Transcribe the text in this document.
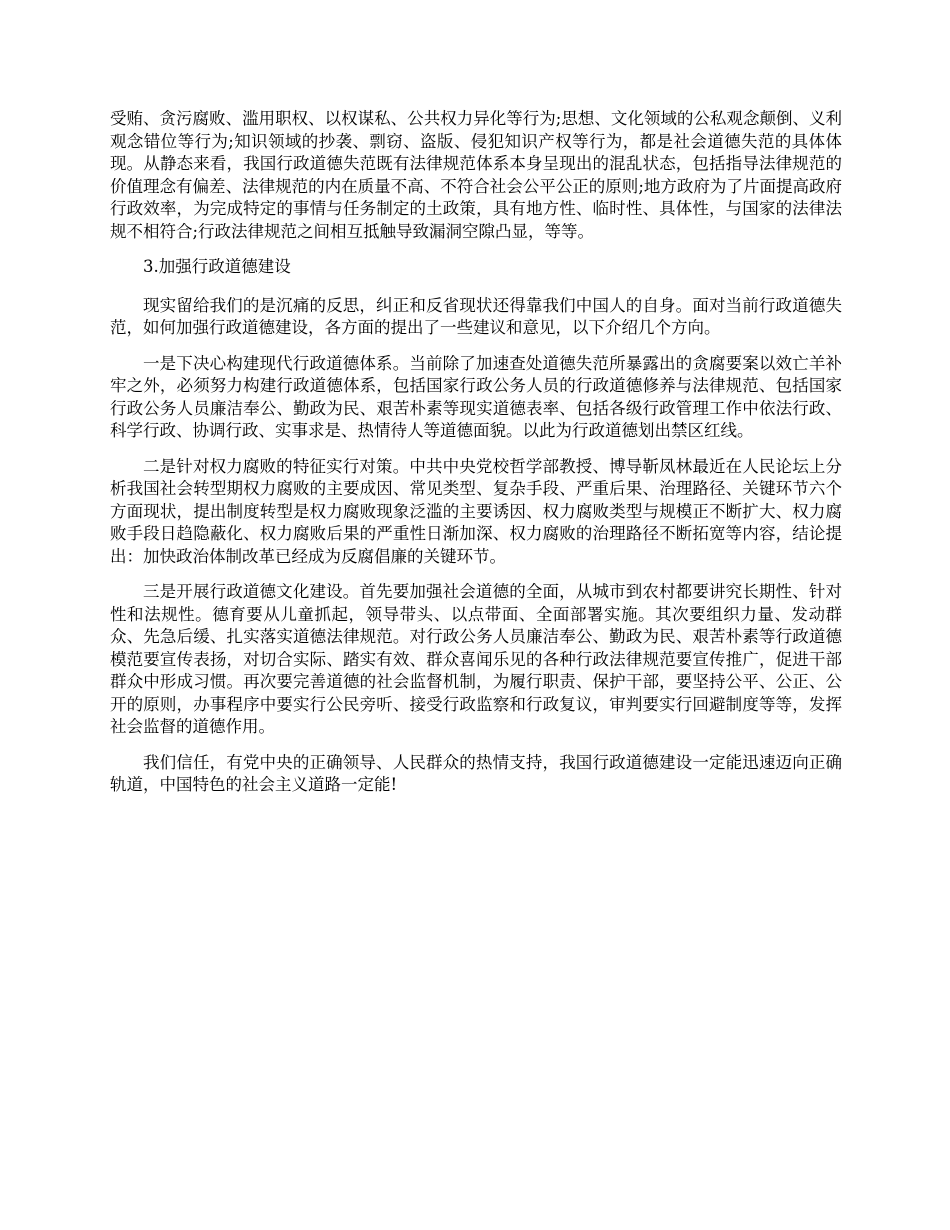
受贿、贪污腐败、滥用职权、以权谋私、公共权力异化等行为;思想、文化领域的公私观念颠倒、义利观念错位等行为;知识领域的抄袭、剽窃、盗版、侵犯知识产权等行为，都是社会道德失范的具体体现。从静态来看，我国行政道德失范既有法律规范体系本身呈现出的混乱状态，包括指导法律规范的价值理念有偏差、法律规范的内在质量不高、不符合社会公平公正的原则;地方政府为了片面提高政府行政效率，为完成特定的事情与任务制定的土政策，具有地方性、临时性、具体性，与国家的法律法规不相符合;行政法律规范之间相互抵触导致漏洞空隙凸显，等等。

3.加强行政道德建设

现实留给我们的是沉痛的反思，纠正和反省现状还得靠我们中国人的自身。面对当前行政道德失范，如何加强行政道德建设，各方面的提出了一些建议和意见，以下介绍几个方向。

一是下决心构建现代行政道德体系。当前除了加速查处道德失范所暴露出的贪腐要案以效亡羊补牢之外，必须努力构建行政道德体系，包括国家行政公务人员的行政道德修养与法律规范、包括国家行政公务人员廉洁奉公、勤政为民、艰苦朴素等现实道德表率、包括各级行政管理工作中依法行政、科学行政、协调行政、实事求是、热情待人等道德面貌。以此为行政道德划出禁区红线。

二是针对权力腐败的特征实行对策。中共中央党校哲学部教授、博导靳凤林最近在人民论坛上分析我国社会转型期权力腐败的主要成因、常见类型、复杂手段、严重后果、治理路径、关键环节六个方面现状，提出制度转型是权力腐败现象泛滥的主要诱因、权力腐败类型与规模正不断扩大、权力腐败手段日趋隐蔽化、权力腐败后果的严重性日渐加深、权力腐败的治理路径不断拓宽等内容，结论提出：加快政治体制改革已经成为反腐倡廉的关键环节。

三是开展行政道德文化建设。首先要加强社会道德的全面，从城市到农村都要讲究长期性、针对性和法规性。德育要从儿童抓起，领导带头、以点带面、全面部署实施。其次要组织力量、发动群众、先急后缓、扎实落实道德法律规范。对行政公务人员廉洁奉公、勤政为民、艰苦朴素等行政道德模范要宣传表扬，对切合实际、踏实有效、群众喜闻乐见的各种行政法律规范要宣传推广，促进干部群众中形成习惯。再次要完善道德的社会监督机制，为履行职责、保护干部，要坚持公平、公正、公开的原则，办事程序中要实行公民旁听、接受行政监察和行政复议，审判要实行回避制度等等，发挥社会监督的道德作用。

我们信任，有党中央的正确领导、人民群众的热情支持，我国行政道德建设一定能迅速迈向正确轨道，中国特色的社会主义道路一定能!
